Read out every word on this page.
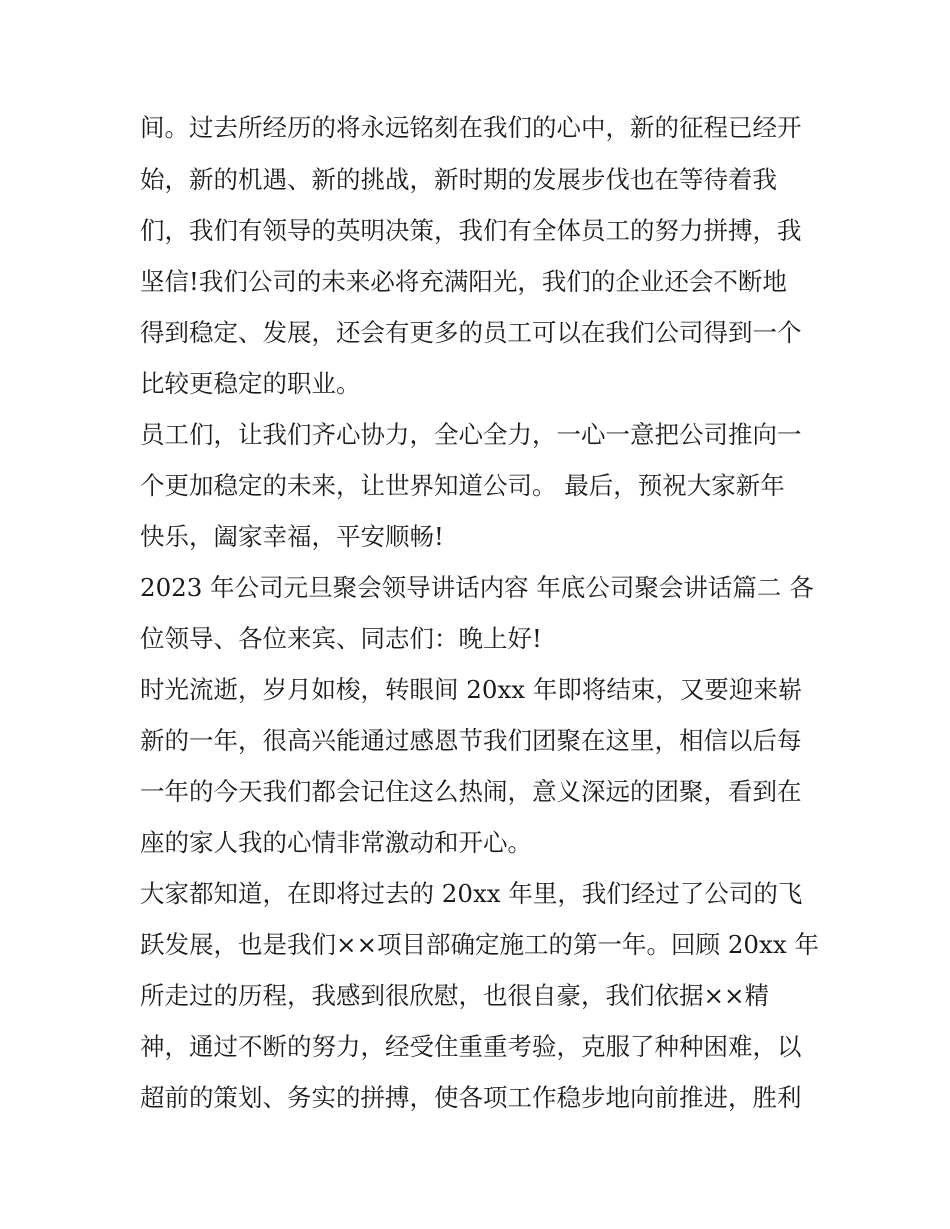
间。过去所经历的将永远铭刻在我们的心中，新的征程已经开
始，新的机遇、新的挑战，新时期的发展步伐也在等待着我
们，我们有领导的英明决策，我们有全体员工的努力拼搏，我
坚信!我们公司的未来必将充满阳光，我们的企业还会不断地
得到稳定、发展，还会有更多的员工可以在我们公司得到一个
比较更稳定的职业。
员工们，让我们齐心协力，全心全力，一心一意把公司推向一
个更加稳定的未来，让世界知道公司。 最后，预祝大家新年
快乐，阖家幸福，平安顺畅!
2023 年公司元旦聚会领导讲话内容 年底公司聚会讲话篇二 各
位领导、各位来宾、同志们：晚上好!
时光流逝，岁月如梭，转眼间 20xx 年即将结束，又要迎来崭
新的一年，很高兴能通过感恩节我们团聚在这里，相信以后每
一年的今天我们都会记住这么热闹，意义深远的团聚，看到在
座的家人我的心情非常激动和开心。
大家都知道，在即将过去的 20xx 年里，我们经过了公司的飞
跃发展，也是我们××项目部确定施工的第一年。回顾 20xx 年
所走过的历程，我感到很欣慰，也很自豪，我们依据××精
神，通过不断的努力，经受住重重考验，克服了种种困难，以
超前的策划、务实的拼搏，使各项工作稳步地向前推进，胜利
